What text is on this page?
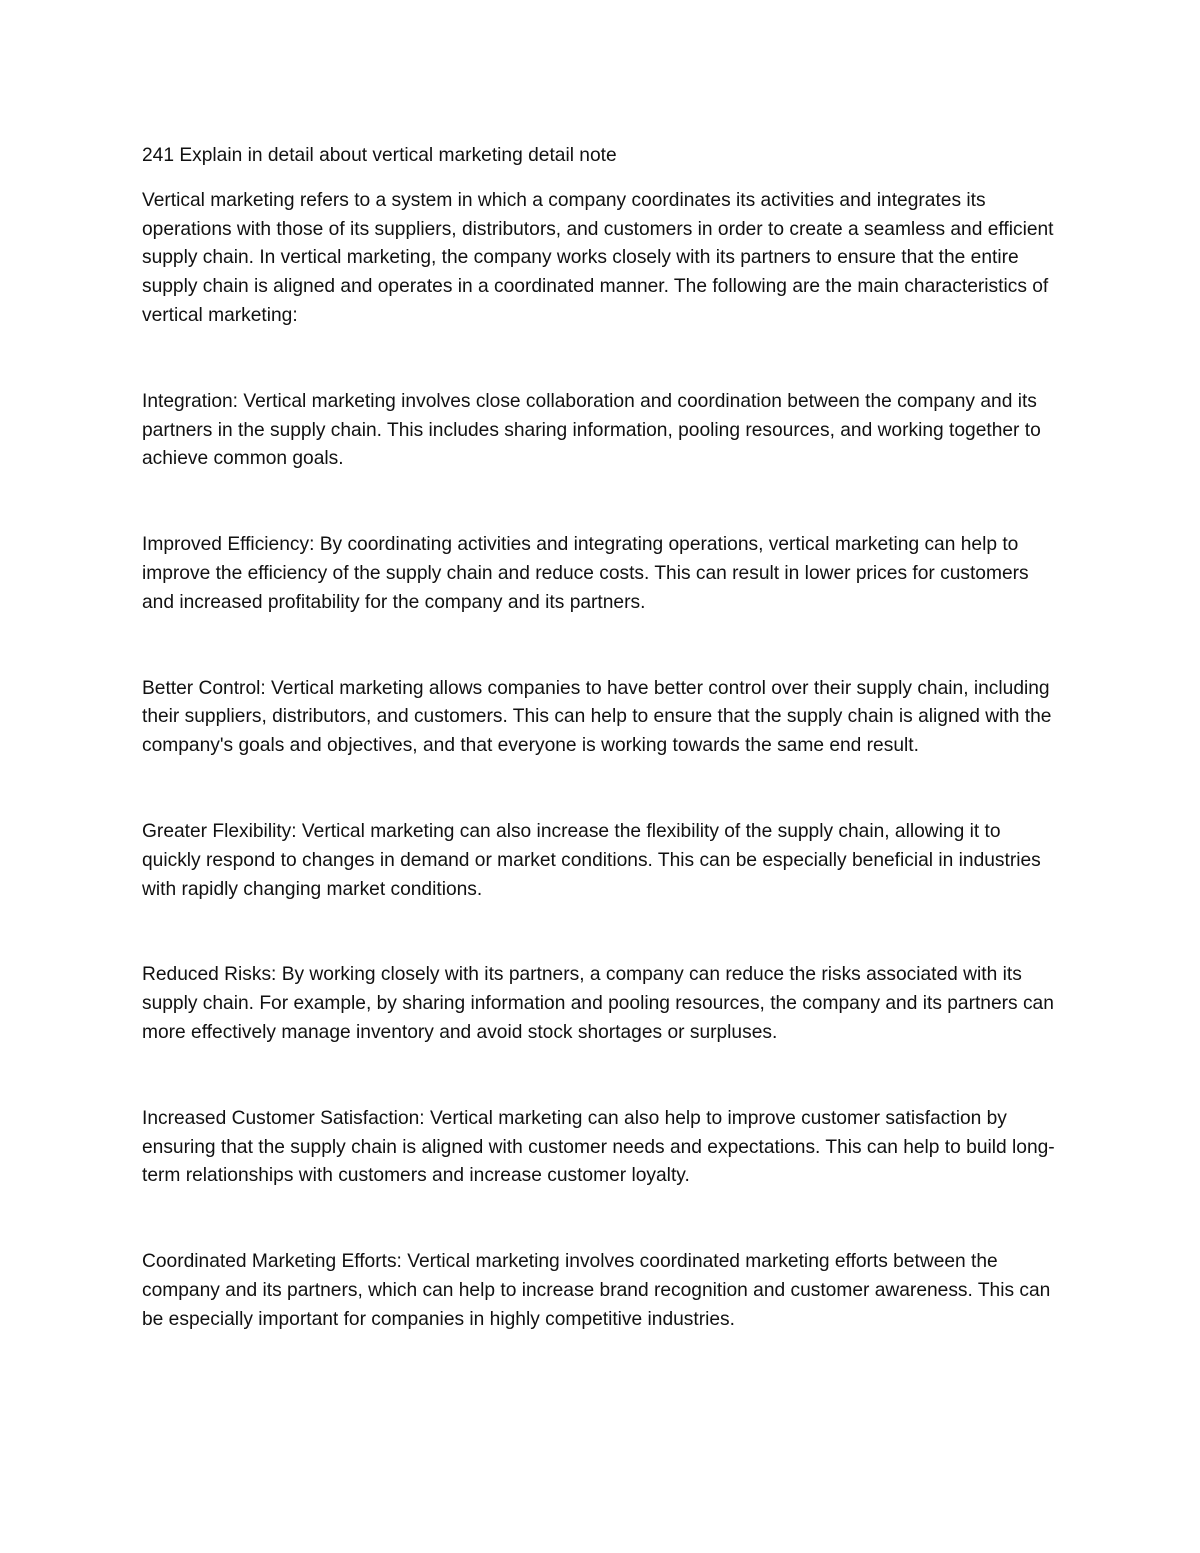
241 Explain in detail about vertical marketing detail note

Vertical marketing refers to a system in which a company coordinates its activities and integrates its operations with those of its suppliers, distributors, and customers in order to create a seamless and efficient supply chain. In vertical marketing, the company works closely with its partners to ensure that the entire supply chain is aligned and operates in a coordinated manner. The following are the main characteristics of vertical marketing:

Integration: Vertical marketing involves close collaboration and coordination between the company and its partners in the supply chain. This includes sharing information, pooling resources, and working together to achieve common goals.

Improved Efficiency: By coordinating activities and integrating operations, vertical marketing can help to improve the efficiency of the supply chain and reduce costs. This can result in lower prices for customers and increased profitability for the company and its partners.

Better Control: Vertical marketing allows companies to have better control over their supply chain, including their suppliers, distributors, and customers. This can help to ensure that the supply chain is aligned with the company's goals and objectives, and that everyone is working towards the same end result.

Greater Flexibility: Vertical marketing can also increase the flexibility of the supply chain, allowing it to quickly respond to changes in demand or market conditions. This can be especially beneficial in industries with rapidly changing market conditions.

Reduced Risks: By working closely with its partners, a company can reduce the risks associated with its supply chain. For example, by sharing information and pooling resources, the company and its partners can more effectively manage inventory and avoid stock shortages or surpluses.

Increased Customer Satisfaction: Vertical marketing can also help to improve customer satisfaction by ensuring that the supply chain is aligned with customer needs and expectations. This can help to build long-term relationships with customers and increase customer loyalty.

Coordinated Marketing Efforts: Vertical marketing involves coordinated marketing efforts between the company and its partners, which can help to increase brand recognition and customer awareness. This can be especially important for companies in highly competitive industries.
